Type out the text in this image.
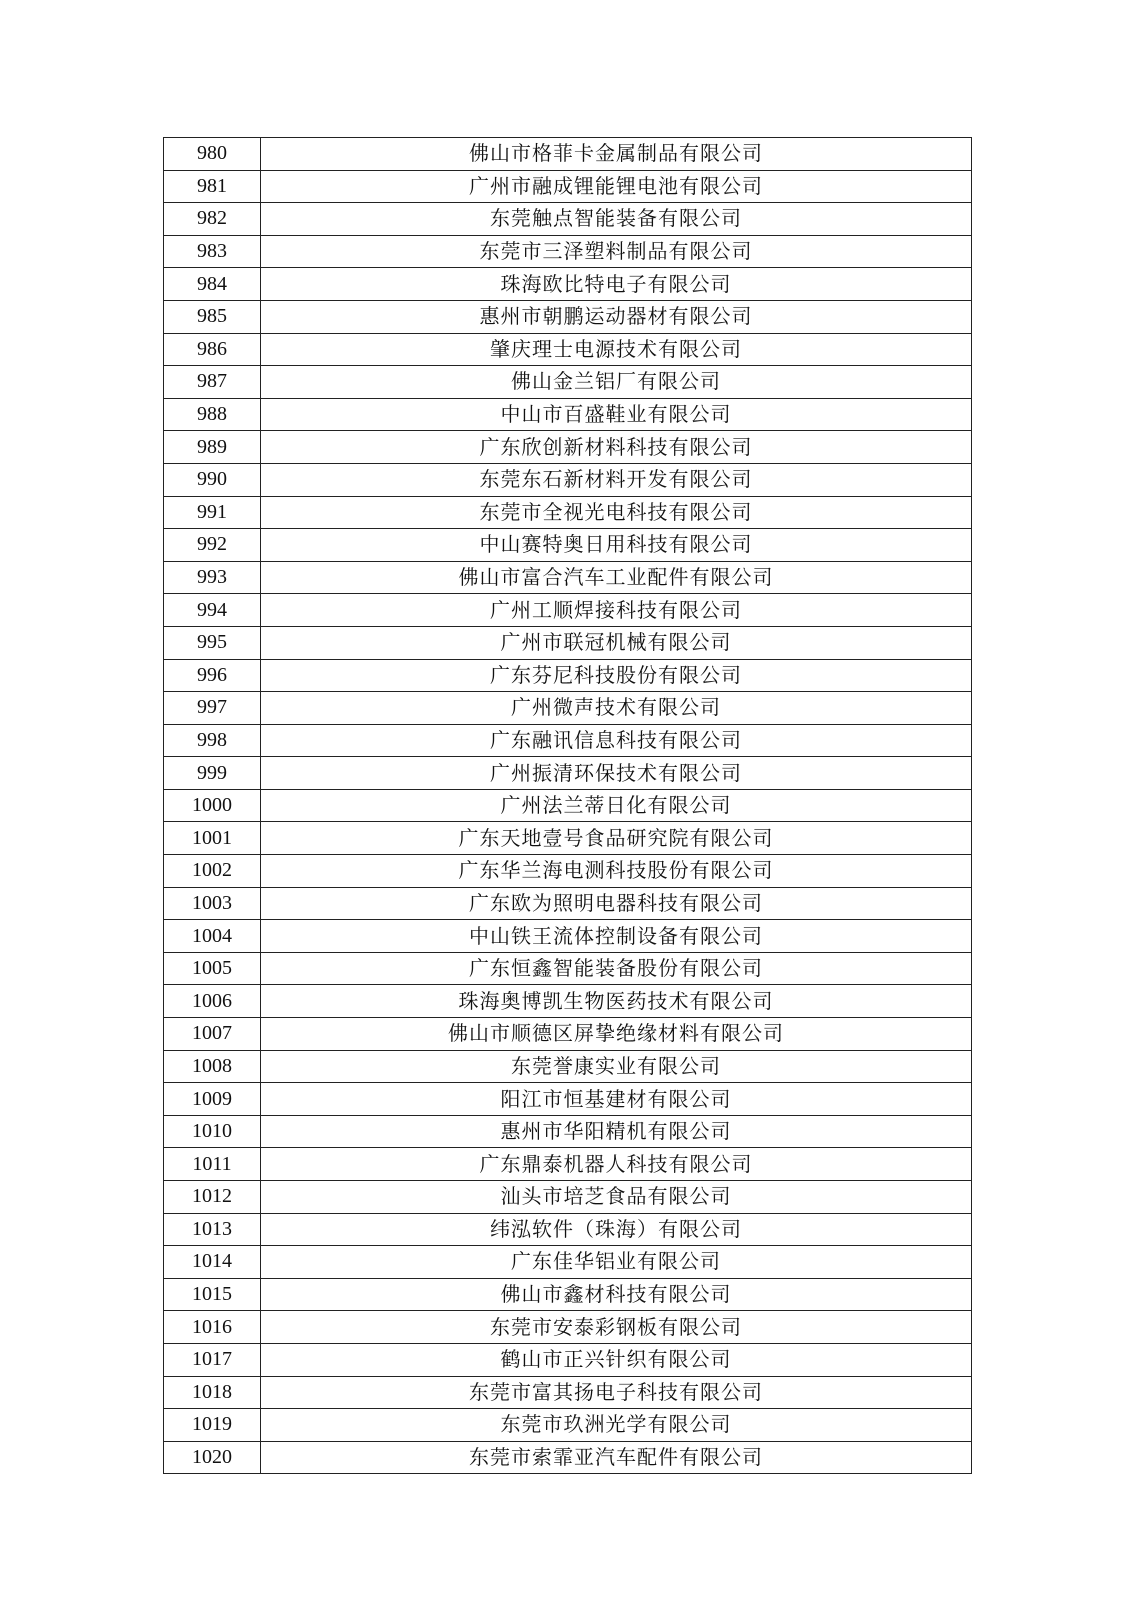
980	佛山市格菲卡金属制品有限公司
981	广州市融成锂能锂电池有限公司
982	东莞触点智能装备有限公司
983	东莞市三泽塑料制品有限公司
984	珠海欧比特电子有限公司
985	惠州市朝鹏运动器材有限公司
986	肇庆理士电源技术有限公司
987	佛山金兰铝厂有限公司
988	中山市百盛鞋业有限公司
989	广东欣创新材料科技有限公司
990	东莞东石新材料开发有限公司
991	东莞市全视光电科技有限公司
992	中山赛特奥日用科技有限公司
993	佛山市富合汽车工业配件有限公司
994	广州工顺焊接科技有限公司
995	广州市联冠机械有限公司
996	广东芬尼科技股份有限公司
997	广州微声技术有限公司
998	广东融讯信息科技有限公司
999	广州振清环保技术有限公司
1000	广州法兰蒂日化有限公司
1001	广东天地壹号食品研究院有限公司
1002	广东华兰海电测科技股份有限公司
1003	广东欧为照明电器科技有限公司
1004	中山铁王流体控制设备有限公司
1005	广东恒鑫智能装备股份有限公司
1006	珠海奥博凯生物医药技术有限公司
1007	佛山市顺德区屏挚绝缘材料有限公司
1008	东莞誉康实业有限公司
1009	阳江市恒基建材有限公司
1010	惠州市华阳精机有限公司
1011	广东鼎泰机器人科技有限公司
1012	汕头市培芝食品有限公司
1013	纬泓软件（珠海）有限公司
1014	广东佳华铝业有限公司
1015	佛山市鑫材科技有限公司
1016	东莞市安泰彩钢板有限公司
1017	鹤山市正兴针织有限公司
1018	东莞市富其扬电子科技有限公司
1019	东莞市玖洲光学有限公司
1020	东莞市索霏亚汽车配件有限公司
